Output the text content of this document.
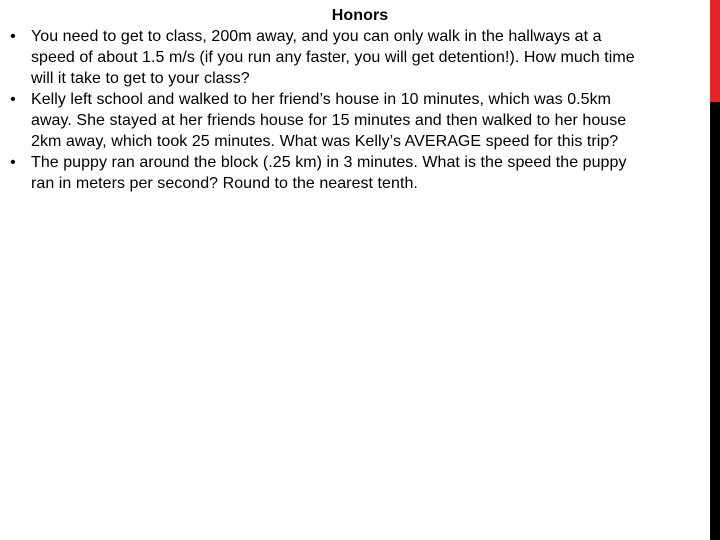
Honors
• You need to get to class, 200m away, and you can only walk in the hallways at a
speed of about 1.5 m/s (if you run any faster, you will get detention!). How much time
will it take to get to your class?
• Kelly left school and walked to her friend’s house in 10 minutes, which was 0.5km
away. She stayed at her friends house for 15 minutes and then walked to her house
2km away, which took 25 minutes. What was Kelly’s AVERAGE speed for this trip?
• The puppy ran around the block (.25 km) in 3 minutes. What is the speed the puppy
ran in meters per second? Round to the nearest tenth.
